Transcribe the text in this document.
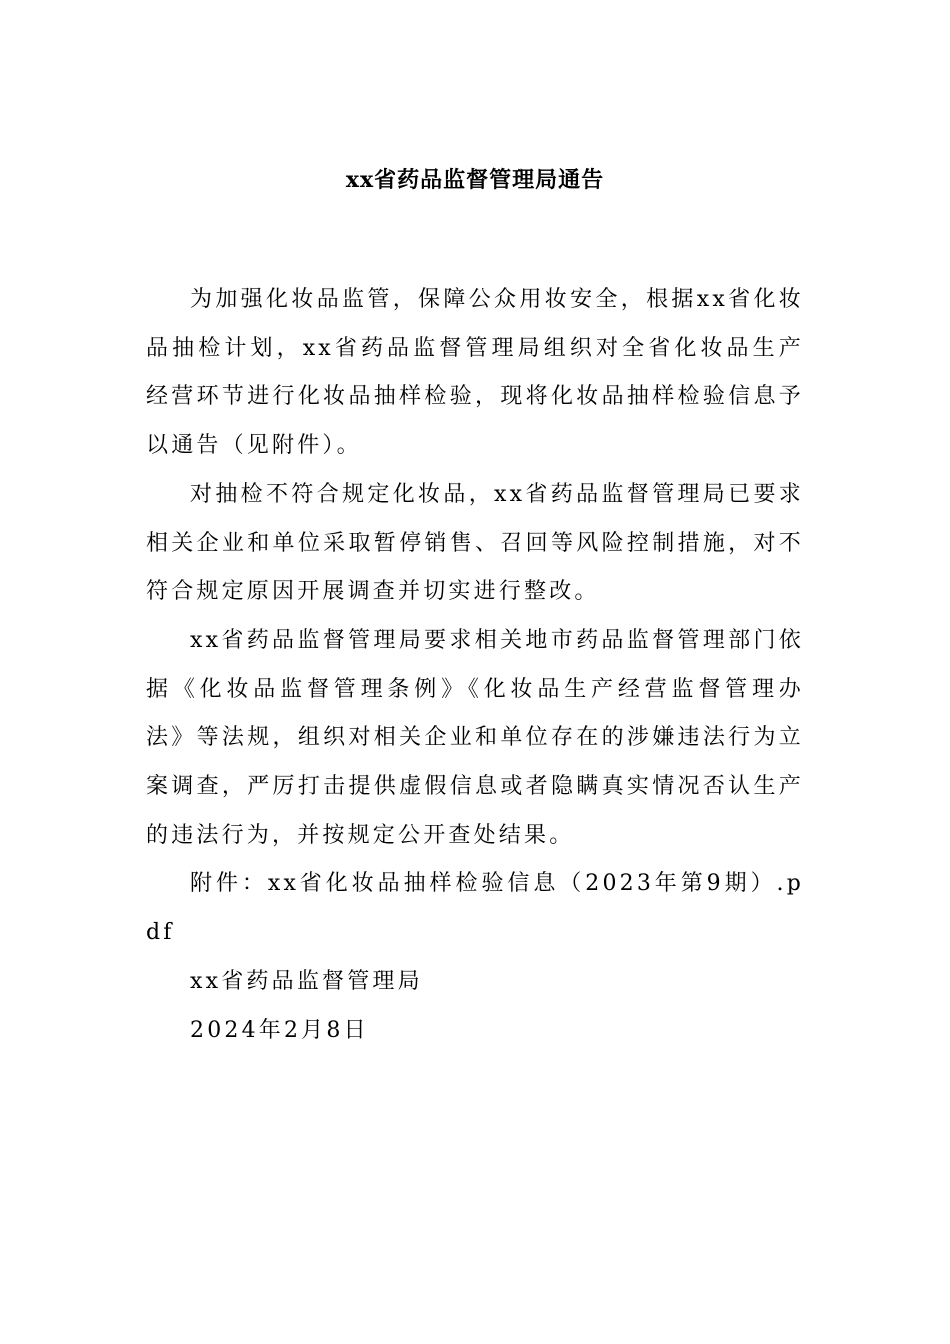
xx省药品监督管理局通告

为加强化妆品监管，保障公众用妆安全，根据xx省化妆品抽检计划，xx省药品监督管理局组织对全省化妆品生产经营环节进行化妆品抽样检验，现将化妆品抽样检验信息予以通告（见附件）。

对抽检不符合规定化妆品，xx省药品监督管理局已要求相关企业和单位采取暂停销售、召回等风险控制措施，对不符合规定原因开展调查并切实进行整改。

xx省药品监督管理局要求相关地市药品监督管理部门依据《化妆品监督管理条例》《化妆品生产经营监督管理办法》等法规，组织对相关企业和单位存在的涉嫌违法行为立案调查，严厉打击提供虚假信息或者隐瞒真实情况否认生产的违法行为，并按规定公开查处结果。

附件：xx省化妆品抽样检验信息（2023年第9期）.pdf

xx省药品监督管理局

2024年2月8日
